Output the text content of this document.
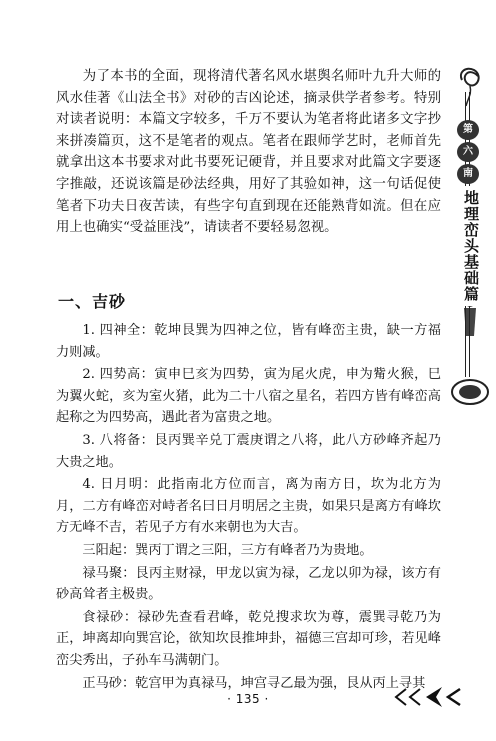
为了本书的全面，现将清代著名风水堪舆名师叶九升大师的风水佳著《山法全书》对砂的吉凶论述，摘录供学者参考。特别对读者说明：本篇文字较多，千万不要认为笔者将此诸多文字抄来拼凑篇页，这不是笔者的观点。笔者在跟师学艺时，老师首先就拿出这本书要求对此书要死记硬背，并且要求对此篇文字要逐字推敲，还说该篇是砂法经典，用好了其验如神，这一句话促使笔者下功夫日夜苦读，有些字句直到现在还能熟背如流。但在应用上也确实“受益匪浅”，请读者不要轻易忽视。

一、吉砂

1. 四神全：乾坤艮巽为四神之位，皆有峰峦主贵，缺一方福力则减。

2. 四势高：寅申巳亥为四势，寅为尾火虎，申为觜火猴，巳为翼火蛇，亥为室火猪，此为二十八宿之星名，若四方皆有峰峦高起称之为四势高，遇此者为富贵之地。

3. 八将备：艮丙巽辛兑丁震庚谓之八将，此八方砂峰齐起乃大贵之地。

4. 日月明：此指南北方位而言，离为南方日，坎为北方为月，二方有峰峦对峙者名曰日月明居之主贵，如果只是离方有峰坎方无峰不吉，若见子方有水来朝也为大吉。

三阳起：巽丙丁谓之三阳，三方有峰者乃为贵地。

禄马聚：艮丙主财禄，甲龙以寅为禄，乙龙以卯为禄，该方有砂高耸者主极贵。

食禄砂：禄砂先查看君峰，乾兑搜求坎为尊，震巽寻乾乃为正，坤离却向巽宫论，欲知坎艮推坤卦，福德三宫却可珍，若见峰峦尖秀出，子孙车马满朝门。

正马砂：乾宫甲为真禄马，坤宫寻乙最为强，艮从丙上寻其

第
六
南
地理峦头基础篇
· 135 ·
